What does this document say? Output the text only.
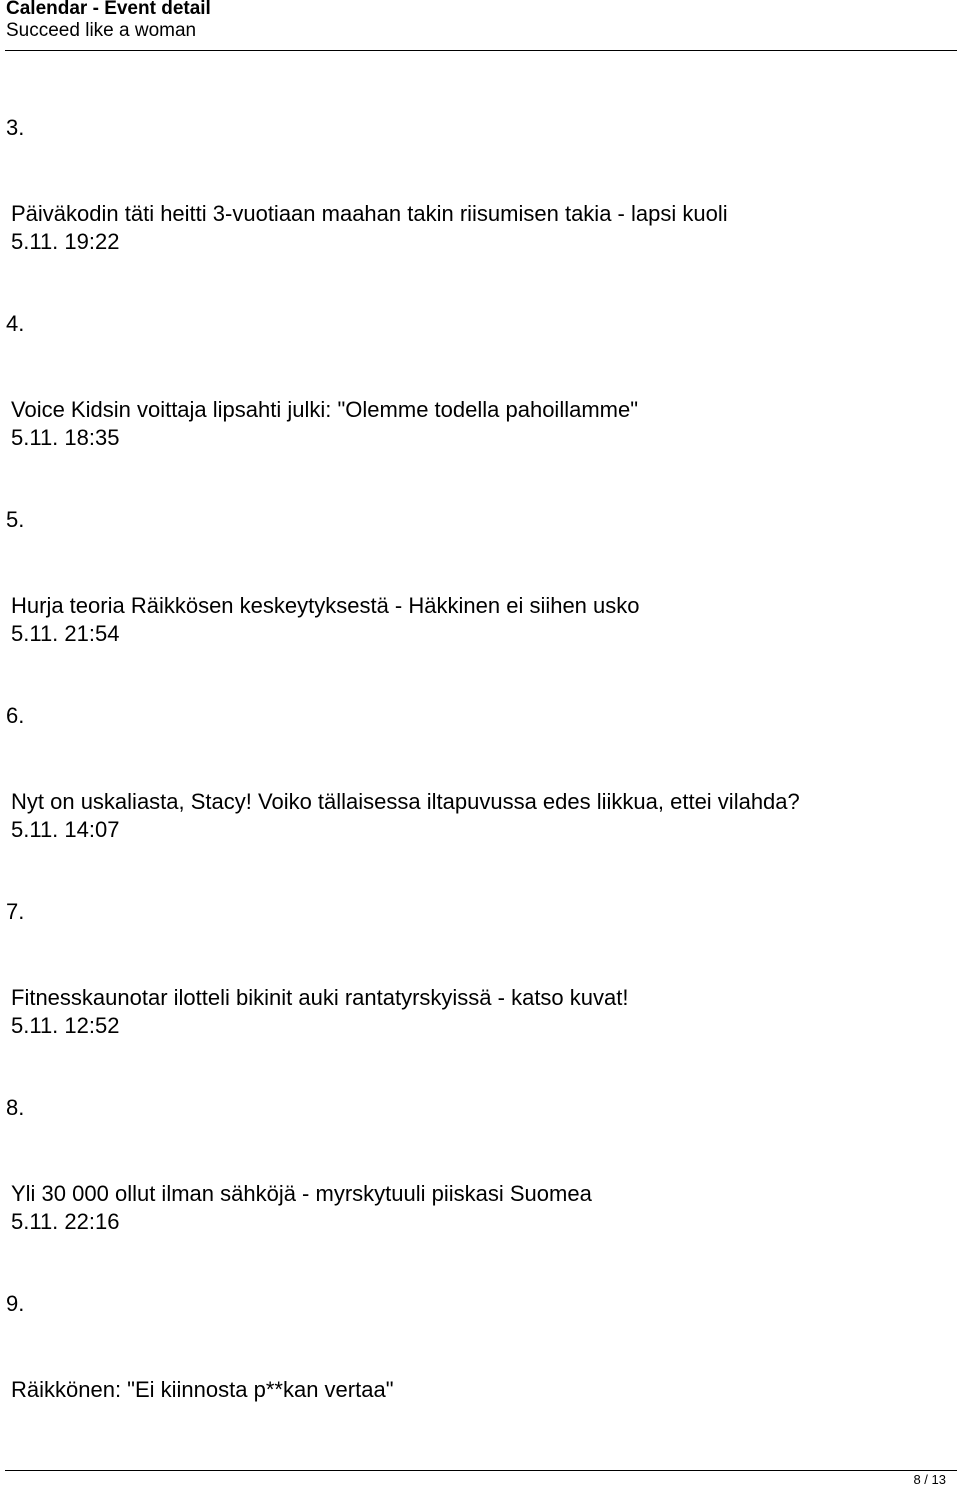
Calendar - Event detail
Succeed like a woman
3.
Päiväkodin täti heitti 3-vuotiaan maahan takin riisumisen takia - lapsi kuoli
5.11. 19:22
4.
Voice Kidsin voittaja lipsahti julki: "Olemme todella pahoillamme"
5.11. 18:35
5.
Hurja teoria Räikkösen keskeytyksestä - Häkkinen ei siihen usko
5.11. 21:54
6.
Nyt on uskaliasta, Stacy! Voiko tällaisessa iltapuvussa edes liikkua, ettei vilahda?
5.11. 14:07
7.
Fitnesskaunotar ilotteli bikinit auki rantatyrskyissä - katso kuvat!
5.11. 12:52
8.
Yli 30 000 ollut ilman sähköjä - myrskytuuli piiskasi Suomea
5.11. 22:16
9.
Räikkönen: "Ei kiinnosta p**kan vertaa"
8 / 13
